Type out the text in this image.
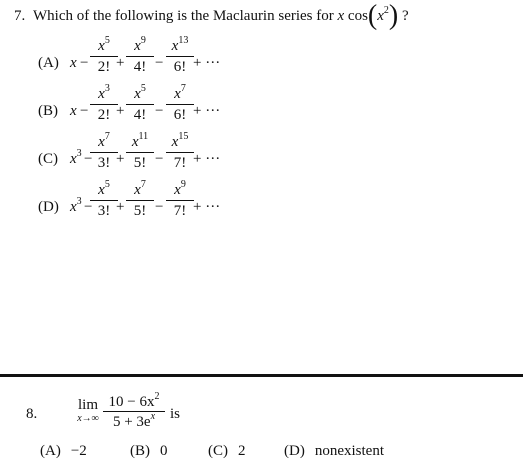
7. Which of the following is the Maclaurin series for x $\cos(x^2)$ ?
(A) x − + − + ···
$x^5$
2!
$x^9$
4!
$x^{13}$
6!
(B) x − + − + ···
$x^3$
2!
$x^5$
4!
$x^7$
6!
(C) $x^3$ − + − + ···
$x^7$
3!
$x^{11}$
5!
$x^{15}$
7!
(D) $x^3$ − + − + ···
$x^5$
3!
$x^7$
5!
$x^9$
7!
8.
lim
x→∞
$10 - 6x^2$
$5 + 3e^x$ is
(A) −2	(B) 0	(C) 2	(D) nonexistent
